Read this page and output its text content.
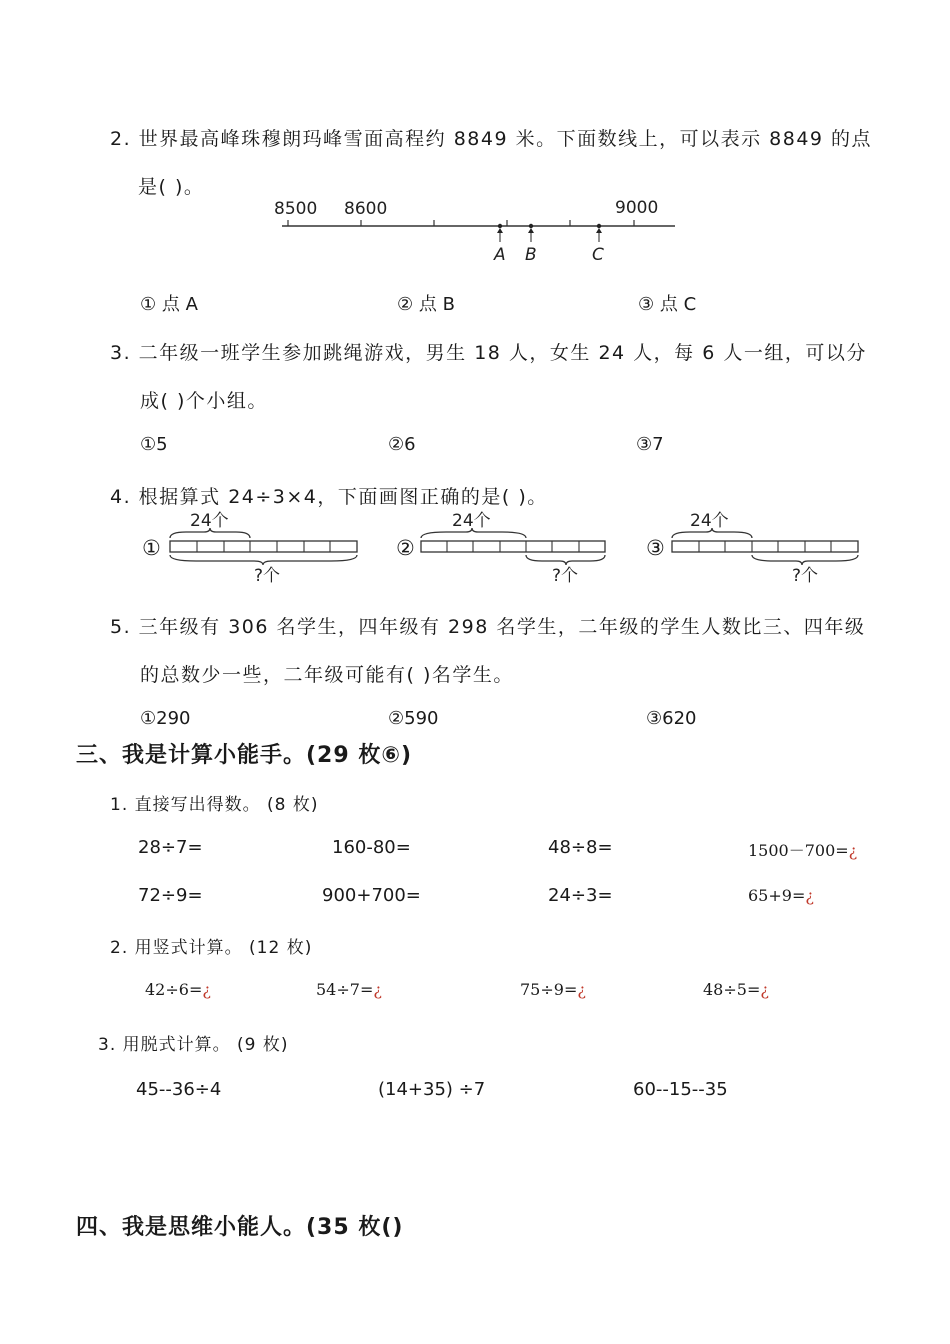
2. 世界最高峰珠穆朗玛峰雪面高程约 8849 米。下面数线上，可以表示 8849 的点
是( )。
8500 8600	9000
A B	C
① 点 A	② 点 B	③ 点 C
3. 二年级一班学生参加跳绳游戏，男生 18 人，女生 24 人，每 6 人一组，可以分
成( )个小组。
①5	②6	③7
4. 根据算式 24÷3×4，下面画图正确的是( )。
①
24个
?个
②
24个
?个
③
24个
?个
5. 三年级有 306 名学生，四年级有 298 名学生，二年级的学生人数比三、四年级
的总数少一些，二年级可能有( )名学生。
①290	②590	③620
三、我是计算小能手。(29 枚⑥)
1. 直接写出得数。 (8 枚)
28÷7=	160-80=	48÷8=	1500－700=¿
72÷9=	900+700=	24÷3=	65+9=¿
2. 用竖式计算。 (12 枚)
42÷6=¿	54÷7=¿	75÷9=¿	48÷5=¿
3. 用脱式计算。 (9 枚)
45--36÷4	(14+35) ÷7	60--15--35
四、我是思维小能人。(35 枚()
